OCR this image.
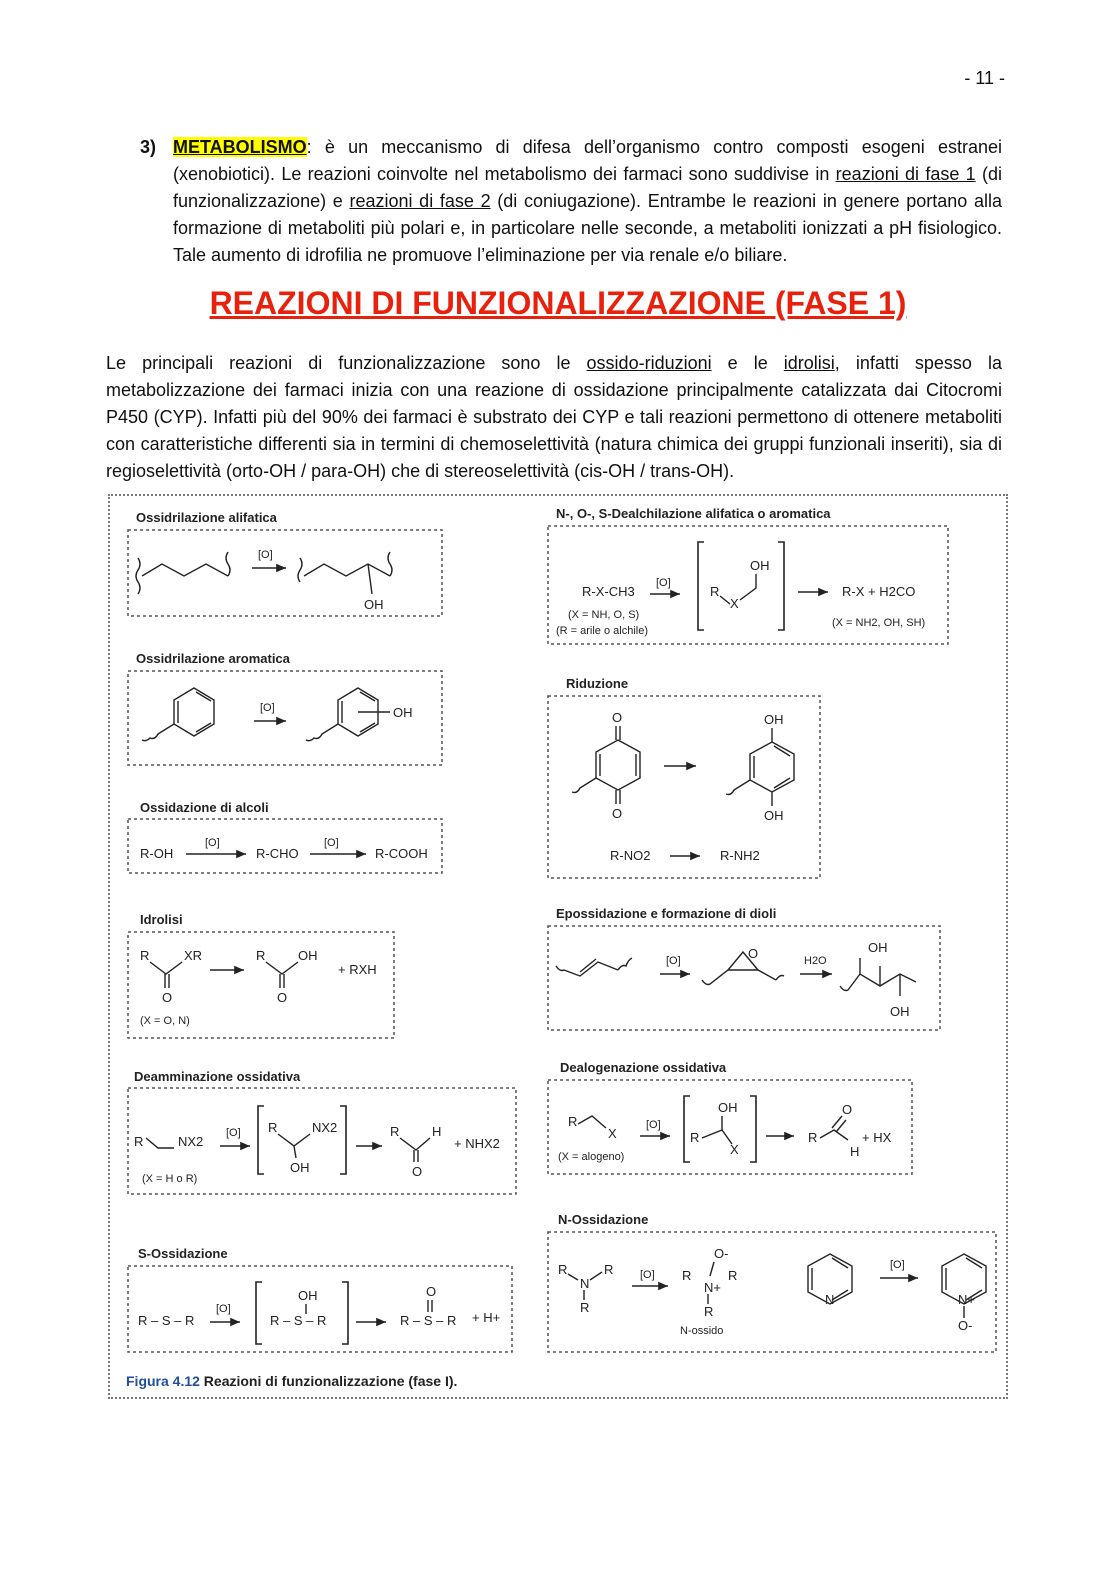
- 11 -
3) METABOLISMO: è un meccanismo di difesa dell’organismo contro composti esogeni estranei (xenobiotici). Le reazioni coinvolte nel metabolismo dei farmaci sono suddivise in reazioni di fase 1 (di funzionalizzazione) e reazioni di fase 2 (di coniugazione). Entrambe le reazioni in genere portano alla formazione di metaboliti più polari e, in particolare nelle seconde, a metaboliti ionizzati a pH fisiologico. Tale aumento di idrofilia ne promuove l’eliminazione per via renale e/o biliare.
REAZIONI DI FUNZIONALIZZAZIONE (FASE 1)
Le principali reazioni di funzionalizzazione sono le ossido-riduzioni e le idrolisi, infatti spesso la metabolizzazione dei farmaci inizia con una reazione di ossidazione principalmente catalizzata dai Citocromi P450 (CYP). Infatti più del 90% dei farmaci è substrato dei CYP e tali reazioni permettono di ottenere metaboliti con caratteristiche differenti sia in termini di chemoselettività (natura chimica dei gruppi funzionali inseriti), sia di regioselettività (orto-OH / para-OH) che di stereoselettività (cis-OH / trans-OH).
Ossidrilazione alifatica
[O]
OH
Ossidrilazione aromatica
[O]	OH
Ossidazione di alcoli
R-OH
[O]
R-CHO
[O]
R-COOH
Idrolisi
R	XR
O
(X = O, N)
R	OH
O
+ RXH
Deamminazione ossidativa
R	NX2
(X = H o R)
[O] R	NX2
OH
R	H
O
+ NHX2
S-Ossidazione
R – S – R
[O]
OH
R – S – R
O
R – S – R + H+
Figura 4.12 Reazioni di funzionalizzazione (fase I).
N-, O-, S-Dealchilazione alifatica o aromatica
R-X-CH3
(X = NH, O, S)
(R = arile o alchile)
[O]
R
X
OH
R-X + H2CO
(X = NH2, OH, SH)
Riduzione
O
O
OH
OH
R-NO2	R-NH2
Epossidazione e formazione di dioli
[O]	O	H2O
OH
OH
Dealogenazione ossidativa
R
X
(X = alogeno)
[O]
OH
R
X
R
O
H
+ HX
N-Ossidazione
R	R
N
R
[O]
O-
R	R
N+
R
N-ossido
N
[O]
N+
O-
